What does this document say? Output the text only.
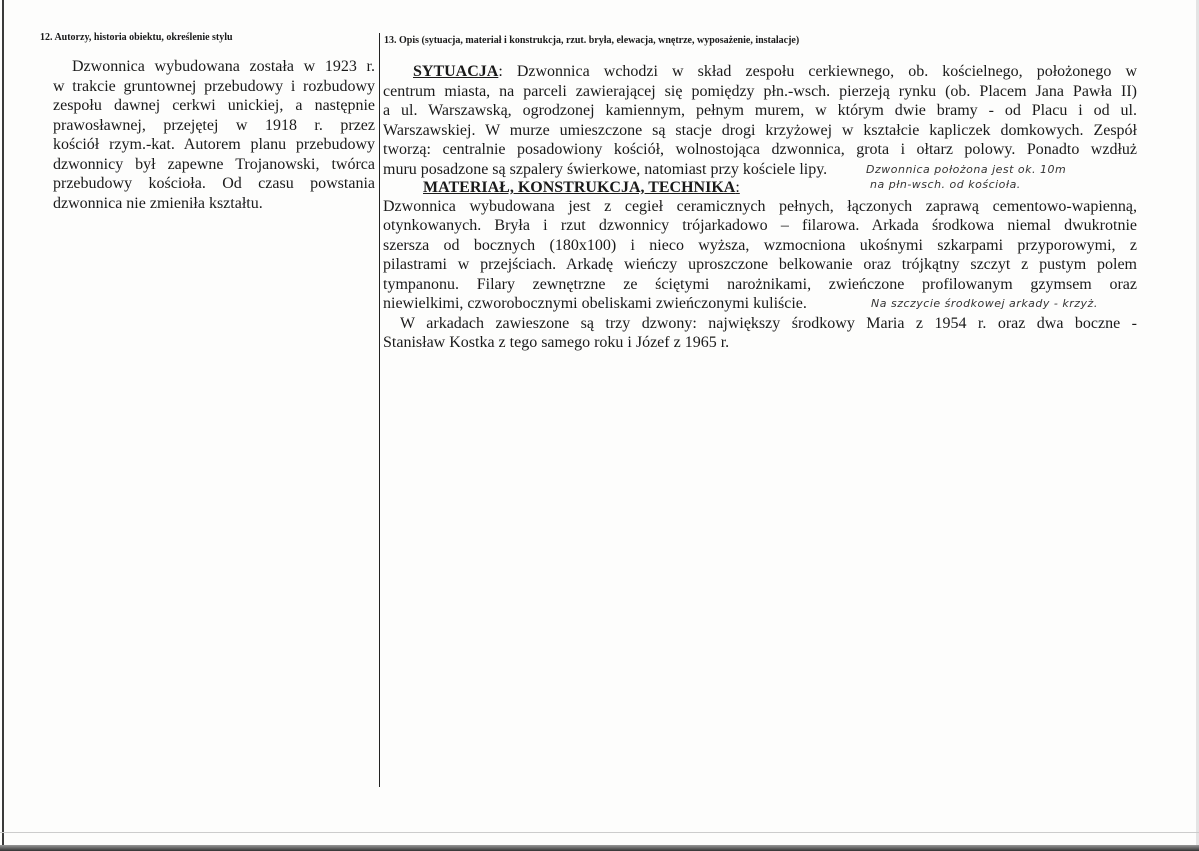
12. Autorzy, historia obiektu, określenie stylu
Dzwonnica wybudowana została w 1923 r.
w trakcie gruntownej przebudowy i rozbudowy
zespołu dawnej cerkwi unickiej, a następnie
prawosławnej, przejętej w 1918 r. przez
kościół rzym.-kat. Autorem planu przebudowy
dzwonnicy był zapewne Trojanowski, twórca
przebudowy kościoła. Od czasu powstania
dzwonnica nie zmieniła kształtu.
13. Opis (sytuacja, materiał i konstrukcja, rzut. bryła, elewacja, wnętrze, wyposażenie, instalacje)
SYTUACJA : Dzwonnica wchodzi w skład zespołu cerkiewnego, ob. kościelnego, położonego w
centrum miasta, na parceli zawierającej się pomiędzy płn.-wsch. pierzeją rynku (ob. Placem Jana Pawła II)
a ul. Warszawską, ogrodzonej kamiennym, pełnym murem, w którym dwie bramy - od Placu i od ul.
Warszawskiej. W murze umieszczone są stacje drogi krzyżowej w kształcie kapliczek domkowych. Zespół
tworzą: centralnie posadowiony kościół, wolnostojąca dzwonnica, grota i ołtarz polowy. Ponadto wzdłuż
muru posadzone są szpalery świerkowe, natomiast przy kościele lipy.	Dzwonnica położona jest ok. 10m
na płn-wsch. od kościoła.
MATERIAŁ, KONSTRUKCJA, TECHNIKA:
Dzwonnica wybudowana jest z cegieł ceramicznych pełnych, łączonych zaprawą cementowo-wapienną,
otynkowanych. Bryła i rzut dzwonnicy trójarkadowo – filarowa. Arkada środkowa niemal dwukrotnie
szersza od bocznych (180x100) i nieco wyższa, wzmocniona ukośnymi szkarpami przyporowymi, z
pilastrami w przejściach. Arkadę wieńczy uproszczone belkowanie oraz trójkątny szczyt z pustym polem
tympanonu. Filary zewnętrzne ze ściętymi narożnikami, zwieńczone profilowanym gzymsem oraz
niewielkimi, czworobocznymi obeliskami zwieńczonymi kuliście.	Na szczycie środkowej arkady - krzyż.
W arkadach zawieszone są trzy dzwony: największy środkowy Maria z 1954 r. oraz dwa boczne -
Stanisław Kostka z tego samego roku i Józef z 1965 r.
